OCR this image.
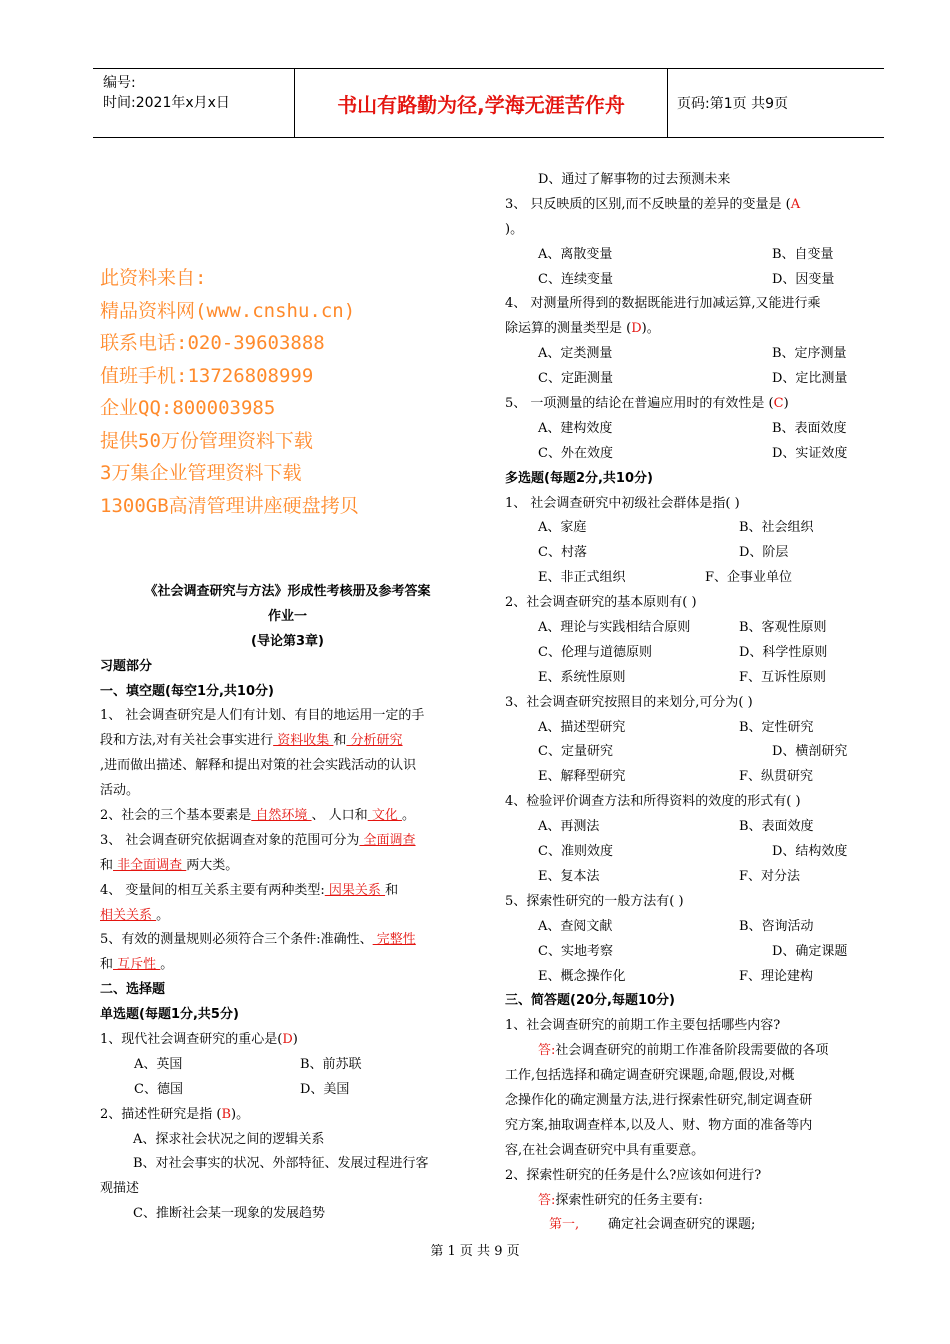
编号:
时间:2021年x月x日	书山有路勤为径,学海无涯苦作舟	页码:第1页 共9页
此资料来自:
精品资料网(www.cnshu.cn)
联系电话:020-39603888
值班手机:13726808999
企业QQ:800003985
提供50万份管理资料下载
3万集企业管理资料下载
1300GB高清管理讲座硬盘拷贝
《社会调查研究与方法》形成性考核册及参考答案
作业一
(导论第3章)
习题部分
一、填空题(每空1分,共10分)
1、 社会调查研究是人们有计划、有目的地运用一定的手
段和方法,对有关社会事实进行 资料收集 和 分析研究
,进而做出描述、解释和提出对策的社会实践活动的认识
活动。
2、社会的三个基本要素是 自然环境 、 人口和 文化 。
3、 社会调查研究依据调查对象的范围可分为 全面调查
和 非全面调查 两大类。
4、 变量间的相互关系主要有两种类型: 因果关系 和
相关关系 。
5、有效的测量规则必须符合三个条件:准确性、 完整性
和 互斥性 。
二、选择题
单选题(每题1分,共5分)
1、现代社会调查研究的重心是(D)
A、英国	B、前苏联
C、德国	D、美国
2、描述性研究是指 (B)。
A、探求社会状况之间的逻辑关系
B、对社会事实的状况、外部特征、发展过程进行客
观描述
C、推断社会某一现象的发展趋势
D、通过了解事物的过去预测未来
3、 只反映质的区别,而不反映量的差异的变量是 (A
)。
A、离散变量	B、自变量
C、连续变量	D、因变量
4、 对测量所得到的数据既能进行加减运算,又能进行乘
除运算的测量类型是 (D)。
A、定类测量	B、定序测量
C、定距测量	D、定比测量
5、 一项测量的结论在普遍应用时的有效性是 (C)
A、建构效度	B、表面效度
C、外在效度	D、实证效度
多选题(每题2分,共10分)
1、 社会调查研究中初级社会群体是指( )
A、家庭	B、社会组织
C、村落	D、阶层
E、非正式组织	F、企事业单位
2、社会调查研究的基本原则有( )
A、理论与实践相结合原则	B、客观性原则
C、伦理与道德原则	D、科学性原则
E、系统性原则	F、互诉性原则
3、社会调查研究按照目的来划分,可分为( )
A、描述型研究	B、定性研究
C、定量研究	D、横剖研究
E、解释型研究	F、纵贯研究
4、检验评价调查方法和所得资料的效度的形式有( )
A、再测法	B、表面效度
C、准则效度	D、结构效度
E、复本法	F、对分法
5、探索性研究的一般方法有( )
A、查阅文献	B、咨询活动
C、实地考察	D、确定课题
E、概念操作化	F、理论建构
三、简答题(20分,每题10分)
1、社会调查研究的前期工作主要包括哪些内容?
答:社会调查研究的前期工作准备阶段需要做的各项
工作,包括选择和确定调查研究课题,命题,假设,对概
念操作化的确定测量方法,进行探索性研究,制定调查研
究方案,抽取调查样本,以及人、财、物方面的准备等内
容,在社会调查研究中具有重要意。
2、探索性研究的任务是什么?应该如何进行?
答:探索性研究的任务主要有:
第一, 确定社会调查研究的课题;
第 1 页 共 9 页
